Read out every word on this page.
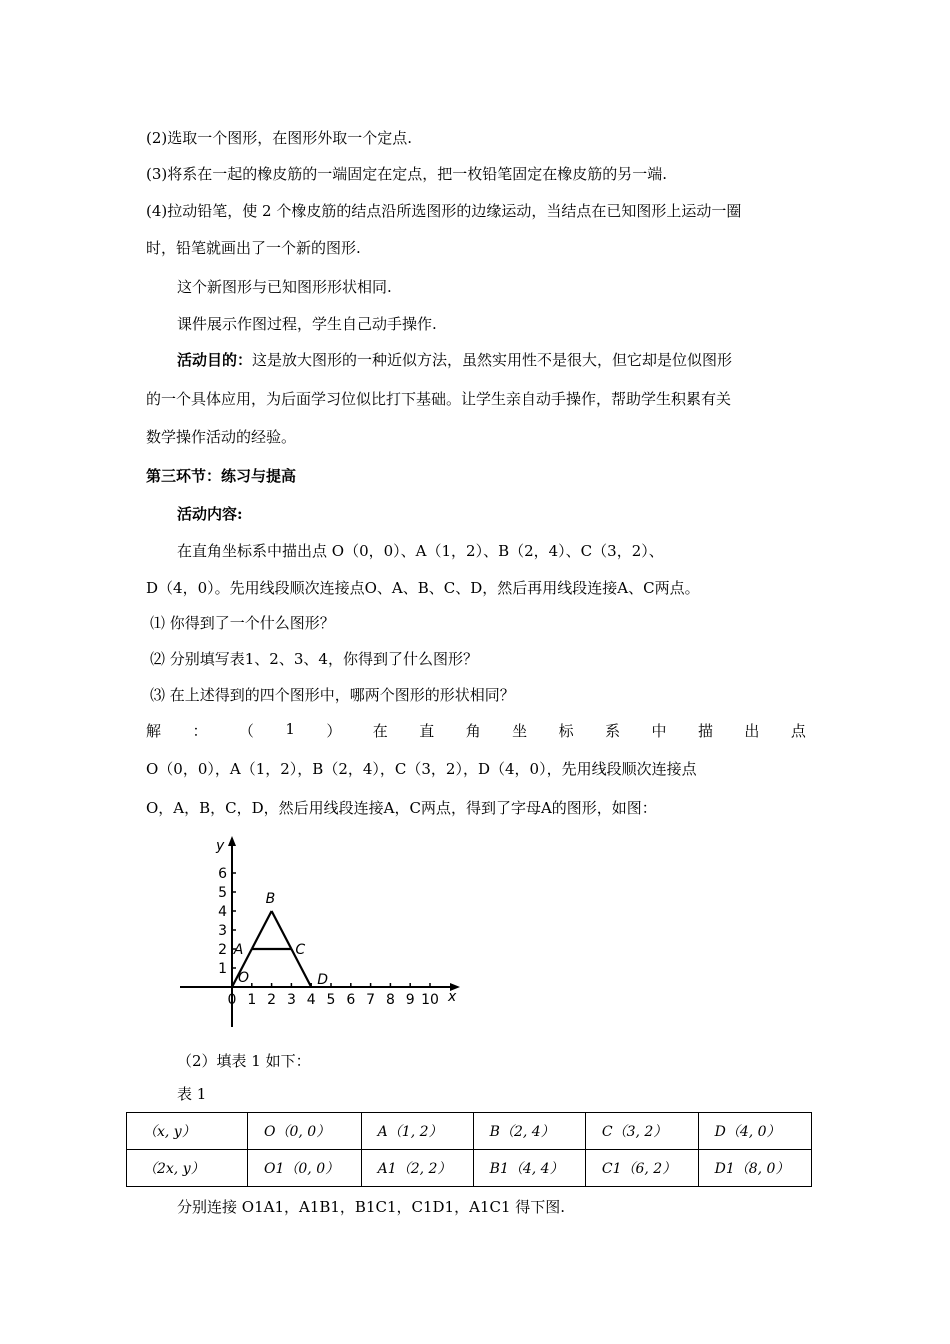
(2)选取一个图形，在图形外取一个定点.
(3)将系在一起的橡皮筋的一端固定在定点，把一枚铅笔固定在橡皮筋的另一端.
(4)拉动铅笔，使 2 个橡皮筋的结点沿所选图形的边缘运动，当结点在已知图形上运动一圈
时，铅笔就画出了一个新的图形.
这个新图形与已知图形形状相同.
课件展示作图过程，学生自己动手操作.
活动目的：这是放大图形的一种近似方法，虽然实用性不是很大，但它却是位似图形
的一个具体应用，为后面学习位似比打下基础。让学生亲自动手操作，帮助学生积累有关
数学操作活动的经验。
第三环节：练习与提高
活动内容:
在直角坐标系中描出点 O（0，0）、A（1，2）、B（2，4）、C（3，2）、
D（4，0）。先用线段顺次连接点O、A、B、C、D，然后再用线段连接A、C两点。
⑴ 你得到了一个什么图形？
⑵ 分别填写表1、2、3、4，你得到了什么图形？
⑶ 在上述得到的四个图形中，哪两个图形的形状相同？
解 ： （ 1 ） 在 直 角 坐 标 系 中 描 出 点
O（0，0），A（1，2），B（2，4），C（3，2），D（4，0），先用线段顺次连接点
O，A，B，C，D，然后用线段连接A，C两点，得到了字母A的图形，如图：
x
y
0 1 2 3 4 5 6 7 8 9 10
1
2
3
4
5
6
O
A
B
C
D
（2）填表 1 如下：
表 1
（x, y）	O（0, 0）	A（1, 2）	B（2, 4）	C（3, 2）	D（4, 0）
（2x, y）	O1（0, 0）	A1（2, 2）	B1（4, 4）	C1（6, 2）	D1（8, 0）
分别连接 O1A1，A1B1，B1C1，C1D1，A1C1 得下图.
